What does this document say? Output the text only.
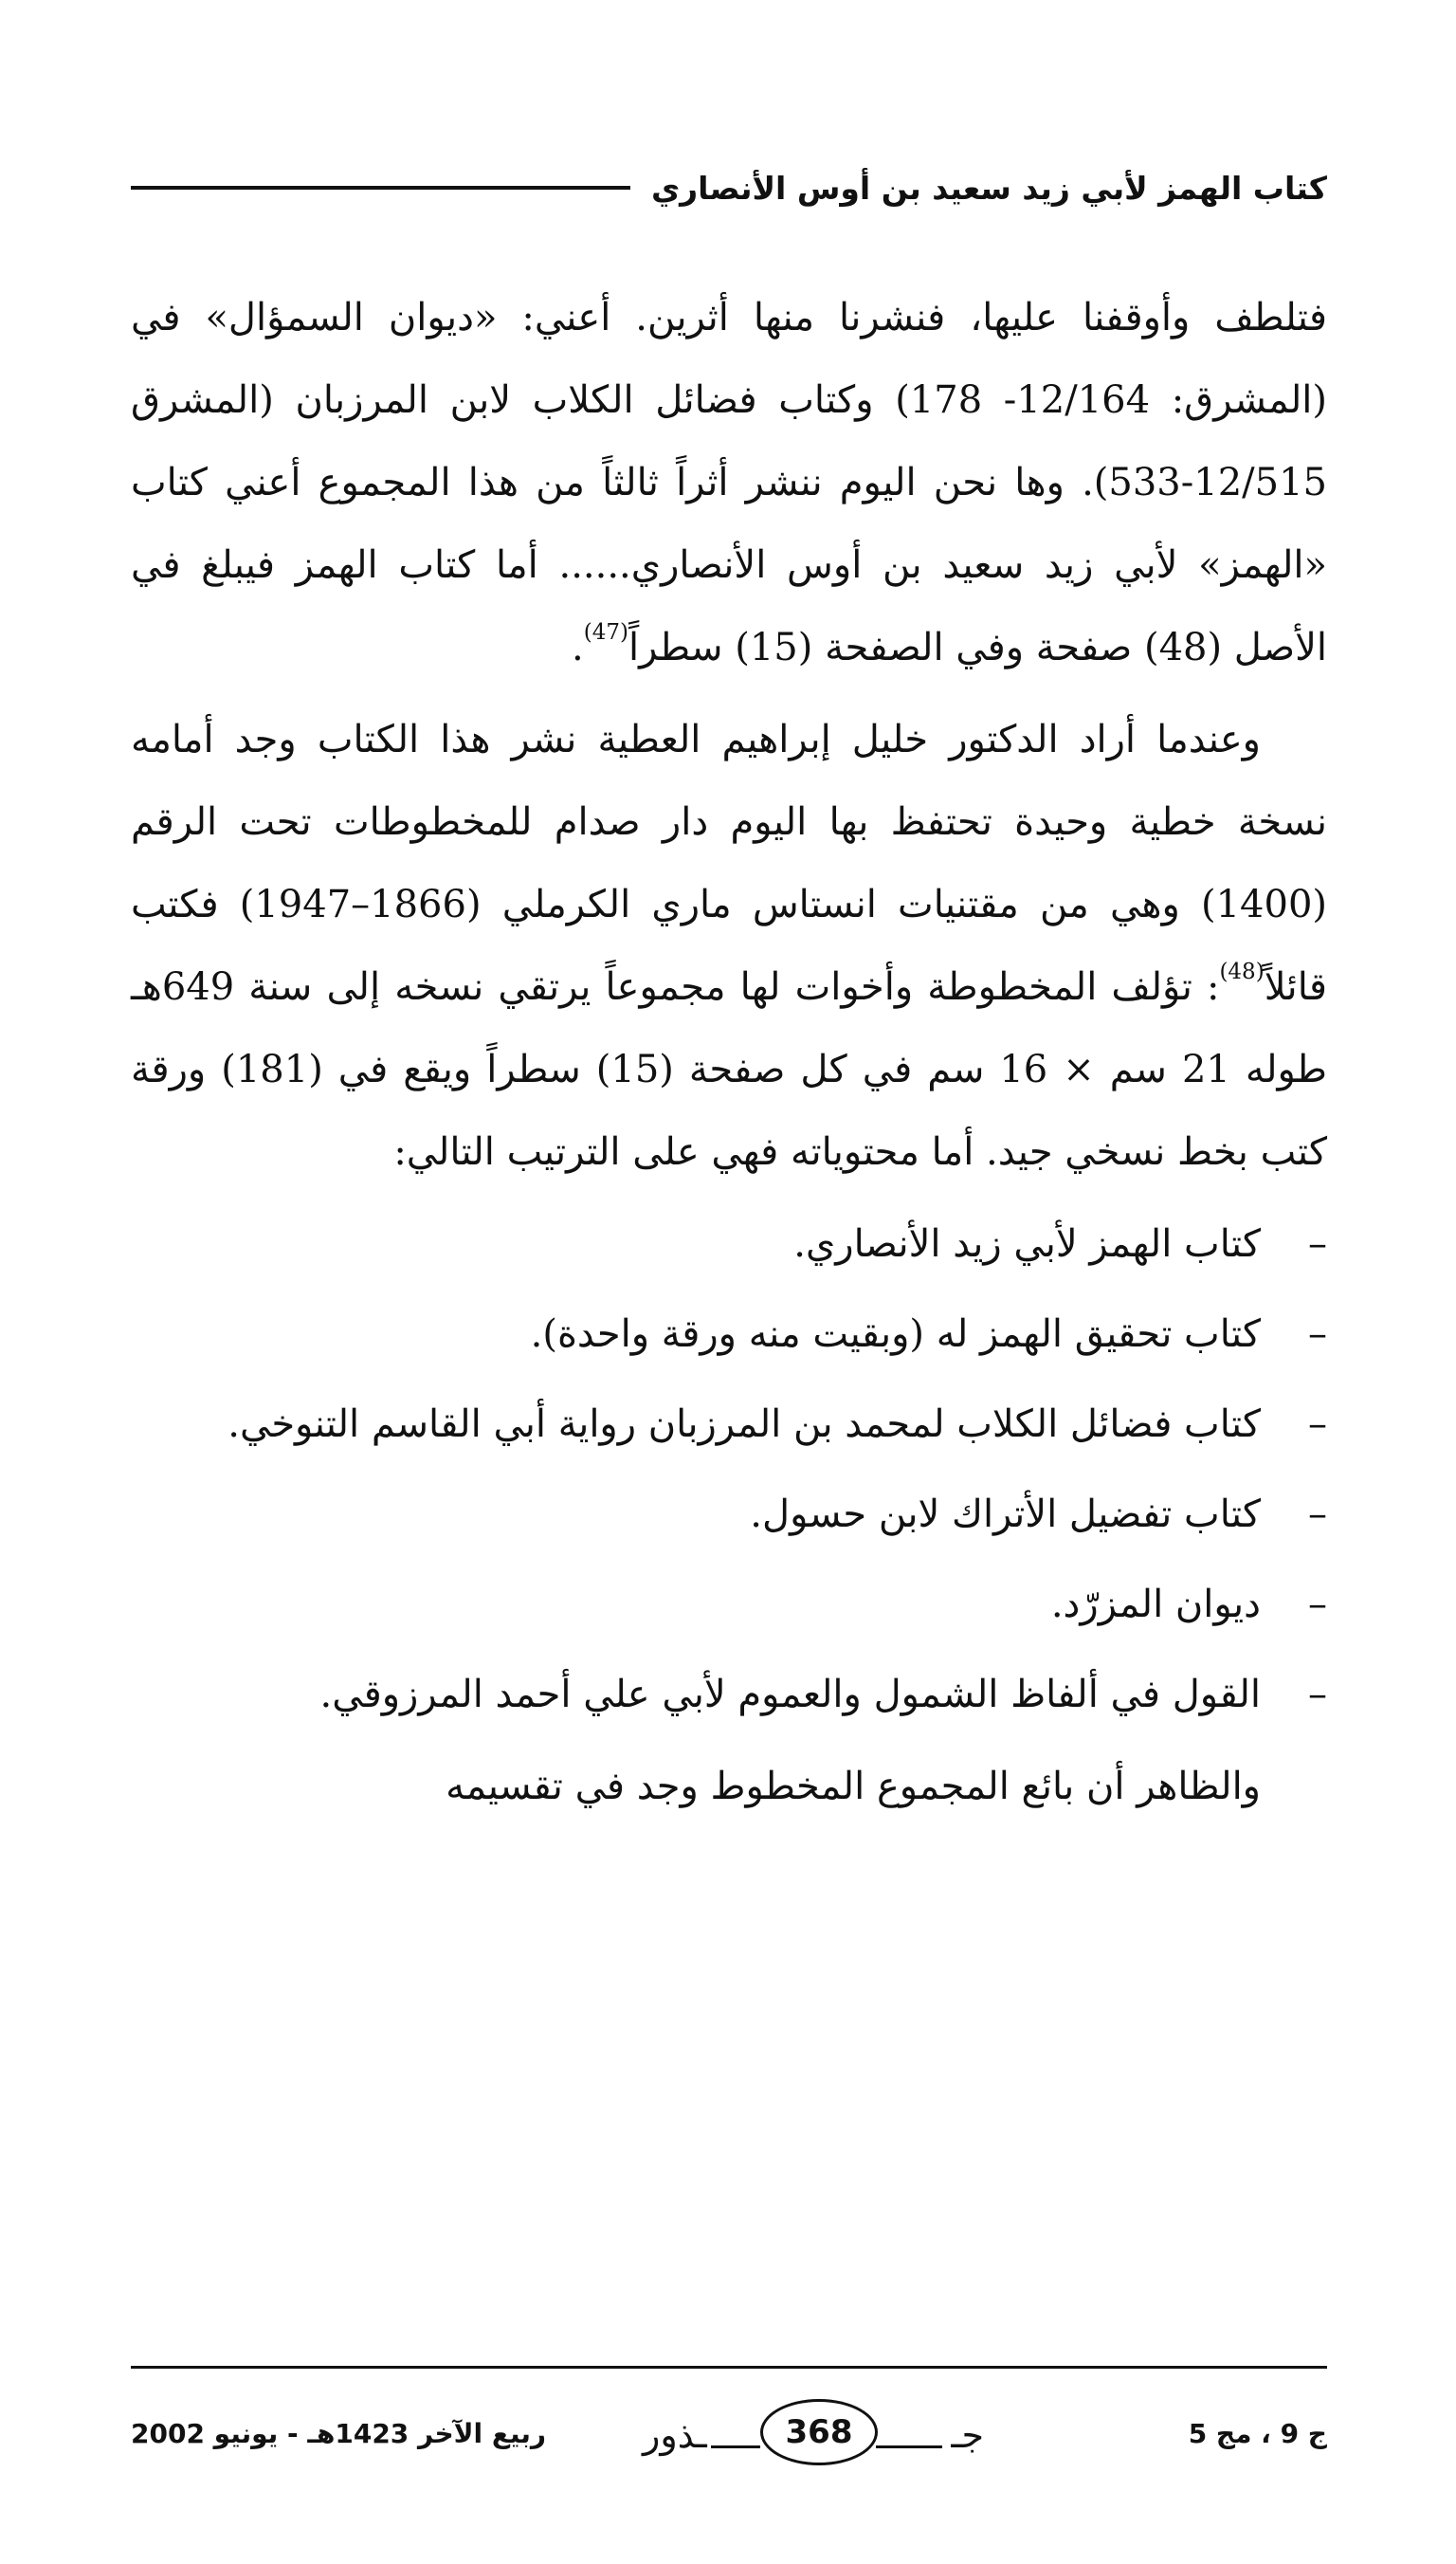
كتاب الهمز لأبي زيد سعيد بن أوس الأنصاري

فتلطف وأوقفنا عليها، فنشرنا منها أثرين. أعني: «ديوان السمؤال» في (المشرق: 12/164- 178) وكتاب فضائل الكلاب لابن المرزبان (المشرق 12/515-533). وها نحن اليوم ننشر أثراً ثالثاً من هذا المجموع أعني كتاب «الهمز» لأبي زيد سعيد بن أوس الأنصاري...... أما كتاب الهمز فيبلغ في الأصل (48) صفحة وفي الصفحة (15) سطراً$^{(47)}$.

وعندما أراد الدكتور خليل إبراهيم العطية نشر هذا الكتاب وجد أمامه نسخة خطية وحيدة تحتفظ بها اليوم دار صدام للمخطوطات تحت الرقم (1400) وهي من مقتنيات انستاس ماري الكرملي (1866–1947) فكتب قائلاً$^{(48)}$: تؤلف المخطوطة وأخوات لها مجموعاً يرتقي نسخه إلى سنة 649هـ طوله 21 سم × 16 سم في كل صفحة (15) سطراً ويقع في (181) ورقة كتب بخط نسخي جيد. أما محتوياته فهي على الترتيب التالي:

– كتاب الهمز لأبي زيد الأنصاري.
– كتاب تحقيق الهمز له (وبقيت منه ورقة واحدة).
– كتاب فضائل الكلاب لمحمد بن المرزبان رواية أبي القاسم التنوخي.
– كتاب تفضيل الأتراك لابن حسول.
– ديوان المزرّد.
– القول في ألفاظ الشمول والعموم لأبي علي أحمد المرزوقي.

والظاهر أن بائع المجموع المخطوط وجد في تقسيمه

ج 9 ، مج 5
جـ
368
ـذور
ربيع الآخر 1423هـ - يونيو 2002
